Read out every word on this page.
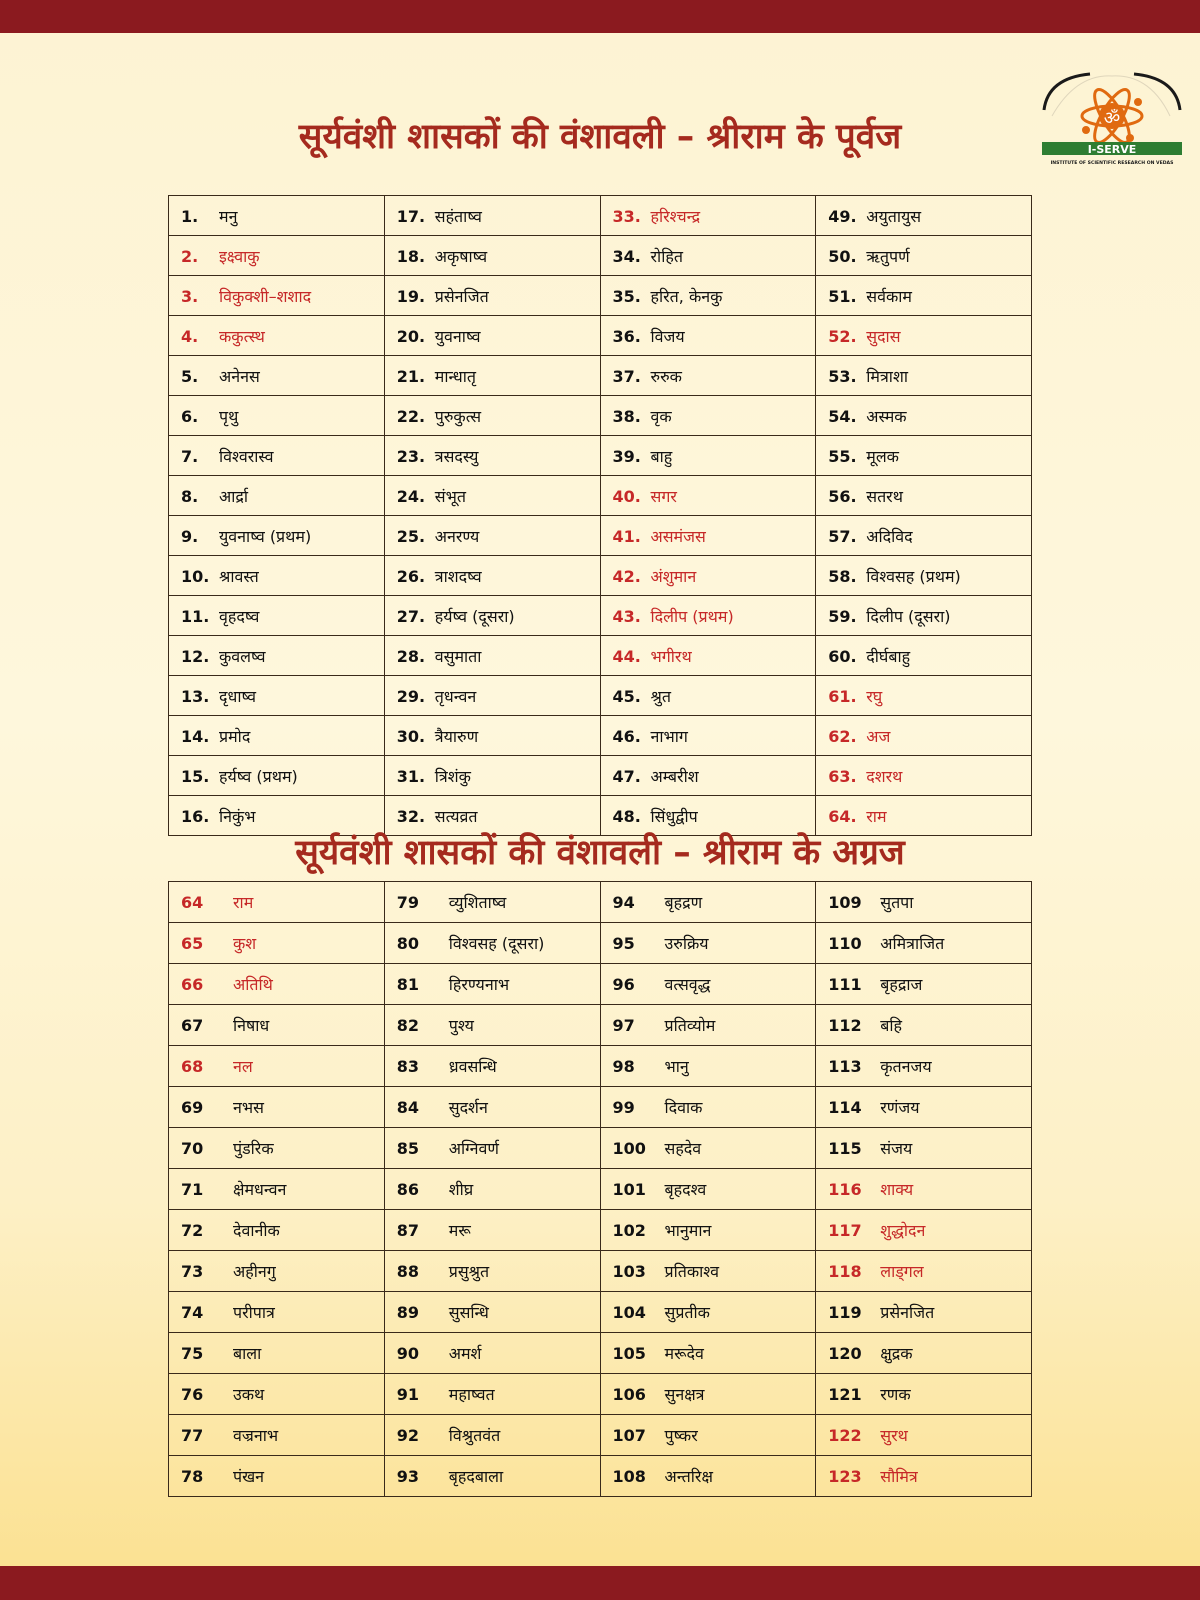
ॐ
I-SERVE
INSTITUTE OF SCIENTIFIC RESEARCH ON VEDAS
सूर्यवंशी शासकों की वंशावली – श्रीराम के पूर्वज
1. मनु	17. सहंताष्व	33. हरिश्चन्द्र	49. अयुतायुस
2. इक्ष्वाकु	18. अकृषाष्व	34. रोहित	50. ऋतुपर्ण
3. विकुक्शी–शशाद	19. प्रसेनजित	35. हरित, केनकु	51. सर्वकाम
4. ककुत्स्थ	20. युवनाष्व	36. विजय	52. सुदास
5. अनेनस	21. मान्धातृ	37. रुरुक	53. मित्राशा
6. पृथु	22. पुरुकुत्स	38. वृक	54. अस्मक
7. विश्वरास्व	23. त्रसदस्यु	39. बाहु	55. मूलक
8. आर्द्रा	24. संभूत	40. सगर	56. सतरथ
9. युवनाष्व (प्रथम)	25. अनरण्य	41. असमंजस	57. अदिविद
10. श्रावस्त	26. त्राशदष्व	42. अंशुमान	58. विश्वसह (प्रथम)
11. वृहदष्व	27. हर्यष्व (दूसरा)	43. दिलीप (प्रथम)	59. दिलीप (दूसरा)
12. कुवलष्व	28. वसुमाता	44. भगीरथ	60. दीर्घबाहु
13. दृधाष्व	29. तृधन्वन	45. श्रुत	61. रघु
14. प्रमोद	30. त्रैयारुण	46. नाभाग	62. अज
15. हर्यष्व (प्रथम)	31. त्रिशंकु	47. अम्बरीश	63. दशरथ
16. निकुंभ	32. सत्यव्रत	48. सिंधुद्वीप	64. राम
सूर्यवंशी शासकों की वंशावली – श्रीराम के अग्रज
64 राम	79 व्युशिताष्व	94 बृहद्रण	109 सुतपा
65 कुश	80 विश्वसह (दूसरा)	95 उरुक्रिय	110 अमित्राजित
66 अतिथि	81 हिरण्यनाभ	96 वत्सवृद्ध	111 बृहद्राज
67 निषाध	82 पुश्य	97 प्रतिव्योम	112 बहि
68 नल	83 ध्रवसन्धि	98 भानु	113 कृतनजय
69 नभस	84 सुदर्शन	99 दिवाक	114 रणंजय
70 पुंडरिक	85 अग्निवर्ण	100 सहदेव	115 संजय
71 क्षेमधन्वन	86 शीघ्र	101 बृहदश्व	116 शाक्य
72 देवानीक	87 मरू	102 भानुमान	117 शुद्धोदन
73 अहीनगु	88 प्रसुश्रुत	103 प्रतिकाश्व	118 लाड्गल
74 परीपात्र	89 सुसन्धि	104 सुप्रतीक	119 प्रसेनजित
75 बाला	90 अमर्श	105 मरूदेव	120 क्षुद्रक
76 उकथ	91 महाष्वत	106 सुनक्षत्र	121 रणक
77 वज्रनाभ	92 विश्रुतवंत	107 पुष्कर	122 सुरथ
78 पंखन	93 बृहदबाला	108 अन्तरिक्ष	123 सौमित्र
